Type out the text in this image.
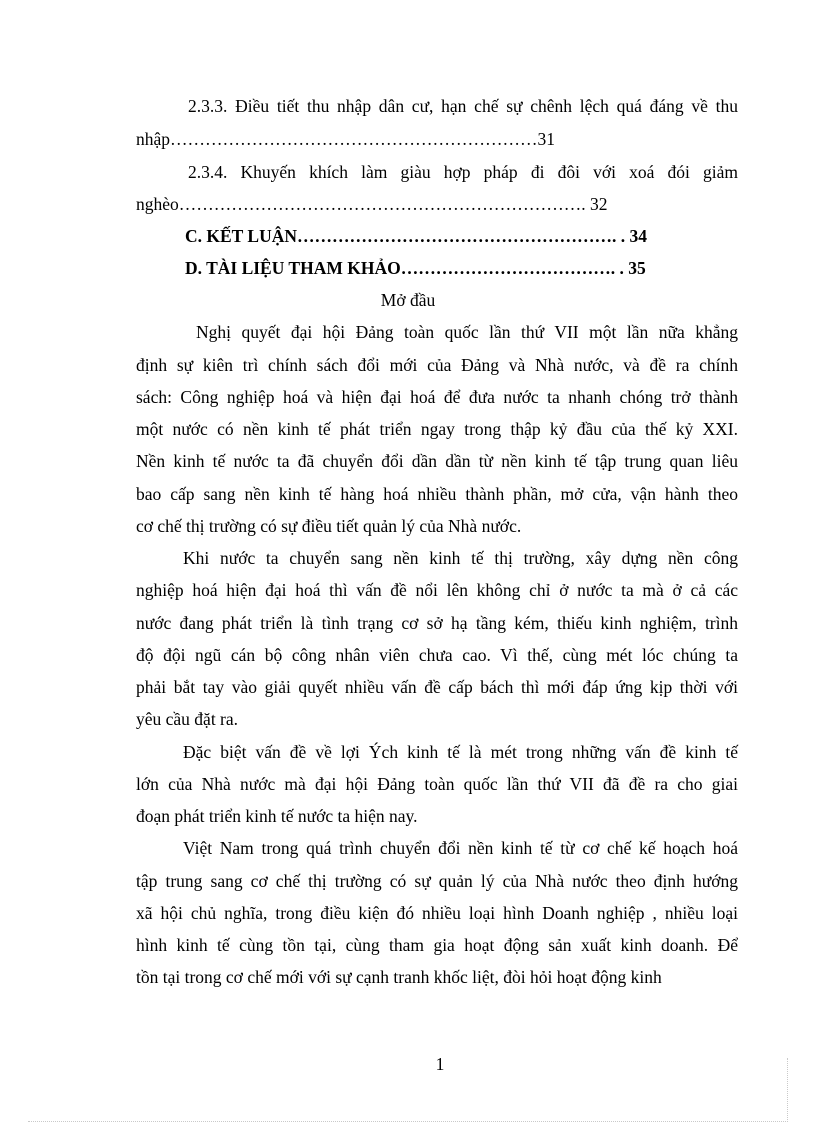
2.3.3. Điều tiết thu nhập dân cư, hạn chế sự chênh lệch quá đáng về thu
nhập………………………………………………………31
2.3.4. Khuyến khích làm giàu hợp pháp đi đôi với xoá đói giảm
nghèo……………………………………………………………. 32
C. KẾT LUẬN………………………………………………. . 34
D. TÀI LIỆU THAM KHẢO………………………………. . 35
Mở đầu
Nghị quyết đại hội Đảng toàn quốc lần thứ VII một lần nữa khẳng
định sự kiên trì chính sách đổi mới của Đảng và Nhà nước, và đề ra chính
sách: Công nghiệp hoá và hiện đại hoá để đưa nước ta nhanh chóng trở thành
một nước có nền kinh tế phát triển ngay trong thập kỷ đầu của thế kỷ XXI.
Nền kinh tế nước ta đã chuyển đổi dần dần từ nền kinh tế tập trung quan liêu
bao cấp sang nền kinh tế hàng hoá nhiều thành phần, mở cửa, vận hành theo
cơ chế thị trường có sự điều tiết quản lý của Nhà nước.
Khi nước ta chuyển sang nền kinh tế thị trường, xây dựng nền công
nghiệp hoá hiện đại hoá thì vấn đề nổi lên không chỉ ở nước ta mà ở cả các
nước đang phát triển là tình trạng cơ sở hạ tầng kém, thiếu kinh nghiệm, trình
độ đội ngũ cán bộ công nhân viên chưa cao. Vì thế, cùng mét lóc chúng ta
phải bắt tay vào giải quyết nhiều vấn đề cấp bách thì mới đáp ứng kịp thời với
yêu cầu đặt ra.
Đặc biệt vấn đề về lợi Ých kinh tế là mét trong những vấn đề kinh tế
lớn của Nhà nước mà đại hội Đảng toàn quốc lần thứ VII đã đề ra cho giai
đoạn phát triển kinh tế nước ta hiện nay.
Việt Nam trong quá trình chuyển đổi nền kinh tế từ cơ chế kế hoạch hoá
tập trung sang cơ chế thị trường có sự quản lý của Nhà nước theo định hướng
xã hội chủ nghĩa, trong điều kiện đó nhiều loại hình Doanh nghiệp , nhiều loại
hình kinh tế cùng tồn tại, cùng tham gia hoạt động sản xuất kinh doanh. Để
tồn tại trong cơ chế mới với sự cạnh tranh khốc liệt, đòi hỏi hoạt động kinh
1
